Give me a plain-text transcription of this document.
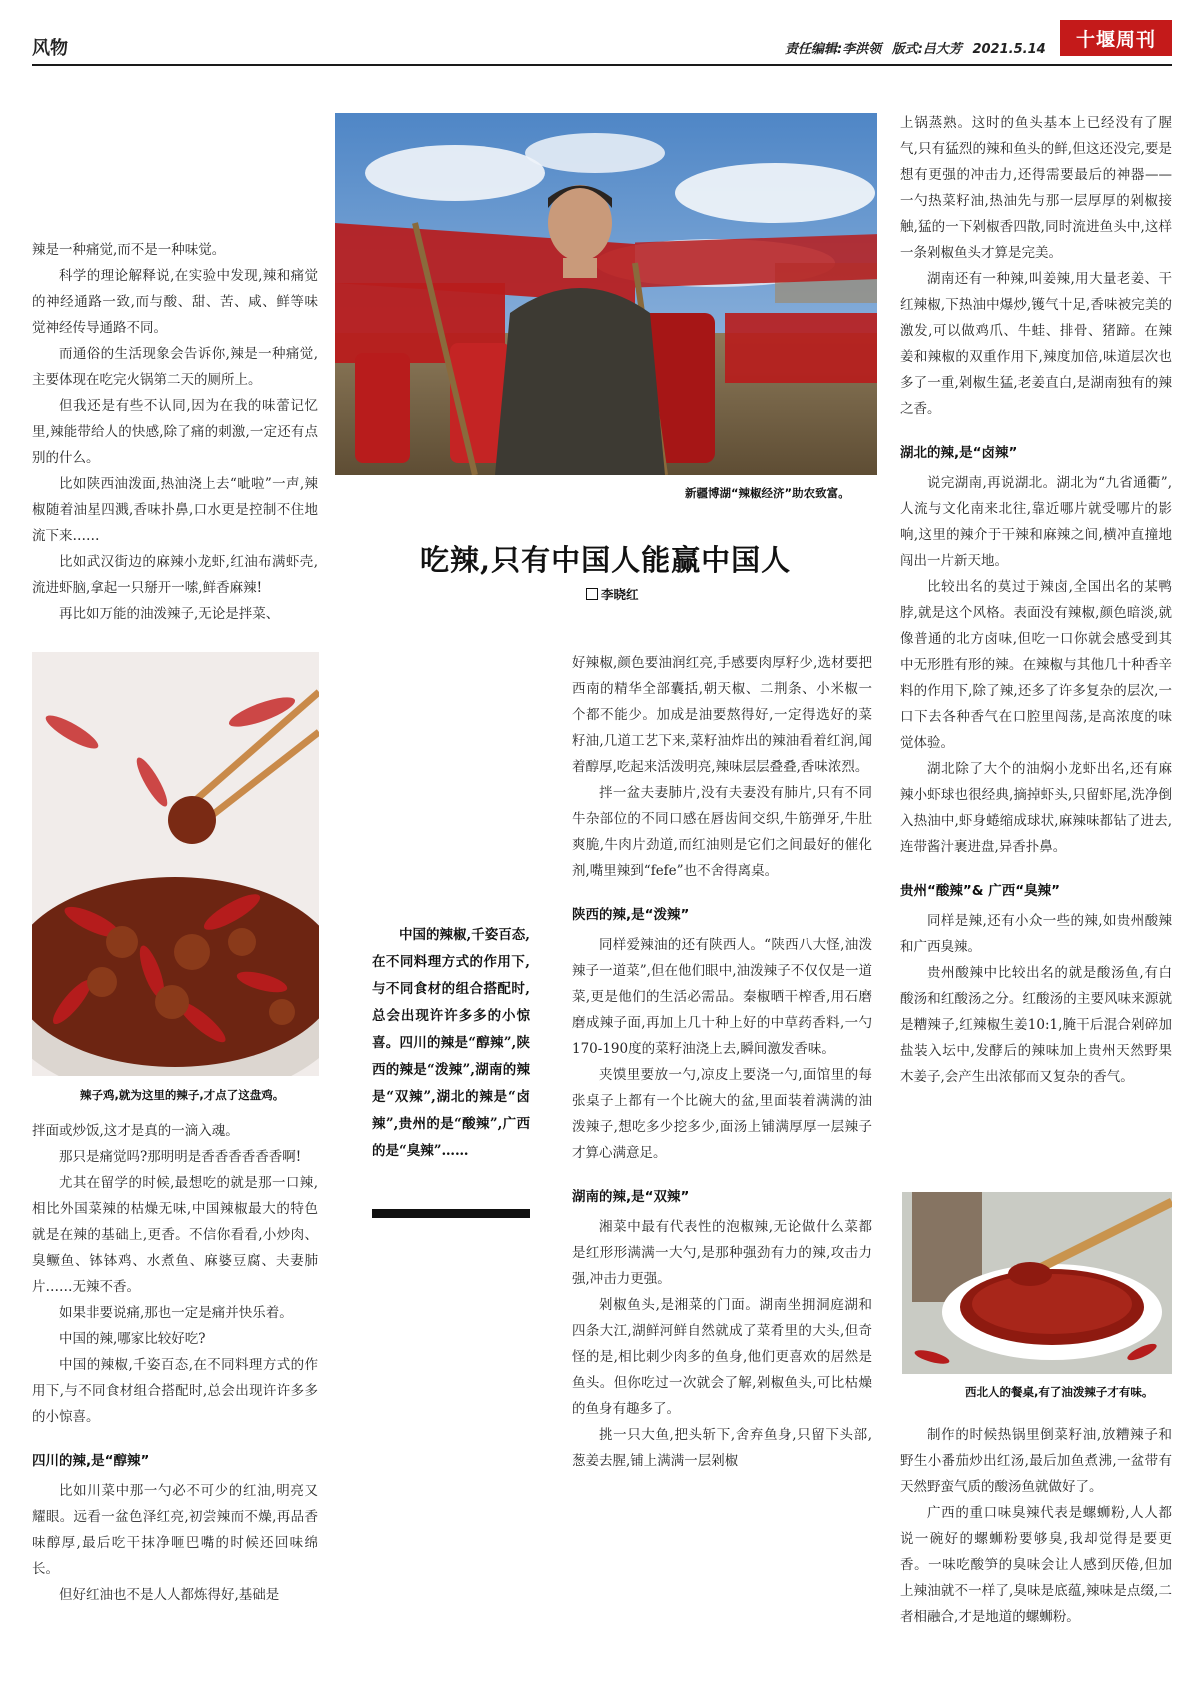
风物	责任编辑:李洪领 版式:吕大芳 2021.5.14	十堰周刊
新疆博湖“辣椒经济”助农致富。
吃辣,只有中国人能赢中国人
李晓红

辣是一种痛觉,而不是一种味觉。

科学的理论解释说,在实验中发现,辣和痛觉的神经通路一致,而与酸、甜、苦、咸、鲜等味觉神经传导通路不同。

而通俗的生活现象会告诉你,辣是一种痛觉,主要体现在吃完火锅第二天的厕所上。

但我还是有些不认同,因为在我的味蕾记忆里,辣能带给人的快感,除了痛的刺激,一定还有点别的什么。

比如陕西油泼面,热油浇上去“呲啦”一声,辣椒随着油星四溅,香味扑鼻,口水更是控制不住地流下来……

比如武汉街边的麻辣小龙虾,红油布满虾壳,流进虾脑,拿起一只掰开一嗦,鲜香麻辣!

再比如万能的油泼辣子,无论是拌菜、

辣子鸡,就为这里的辣子,才点了这盘鸡。

拌面或炒饭,这才是真的一滴入魂。

那只是痛觉吗?那明明是香香香香香香啊!

尤其在留学的时候,最想吃的就是那一口辣,相比外国菜辣的枯燥无味,中国辣椒最大的特色就是在辣的基础上,更香。不信你看看,小炒肉、臭鳜鱼、钵钵鸡、水煮鱼、麻婆豆腐、夫妻肺片……无辣不香。

如果非要说痛,那也一定是痛并快乐着。

中国的辣,哪家比较好吃?

中国的辣椒,千姿百态,在不同料理方式的作用下,与不同食材组合搭配时,总会出现许许多多的小惊喜。

四川的辣,是“醇辣”

比如川菜中那一勺必不可少的红油,明亮又耀眼。远看一盆色泽红亮,初尝辣而不燥,再品香味醇厚,最后吃干抹净咂巴嘴的时候还回味绵长。

但好红油也不是人人都炼得好,基础是

中国的辣椒,千姿百态,在不同料理方式的作用下,与不同食材的组合搭配时,总会出现许许多多的小惊喜。四川的辣是“醇辣”,陕西的辣是“泼辣”,湖南的辣是“双辣”,湖北的辣是“卤辣”,贵州的是“酸辣”,广西的是“臭辣”……

好辣椒,颜色要油润红亮,手感要肉厚籽少,选材要把西南的精华全部囊括,朝天椒、二荆条、小米椒一个都不能少。加成是油要熬得好,一定得选好的菜籽油,几道工艺下来,菜籽油炸出的辣油看着红润,闻着醇厚,吃起来活泼明亮,辣味层层叠叠,香味浓烈。

拌一盆夫妻肺片,没有夫妻没有肺片,只有不同牛杂部位的不同口感在唇齿间交织,牛筋弹牙,牛肚爽脆,牛肉片劲道,而红油则是它们之间最好的催化剂,嘴里辣到“fefe”也不舍得离桌。

陕西的辣,是“泼辣”

同样爱辣油的还有陕西人。“陕西八大怪,油泼辣子一道菜”,但在他们眼中,油泼辣子不仅仅是一道菜,更是他们的生活必需品。秦椒晒干榨香,用石磨磨成辣子面,再加上几十种上好的中草药香料,一勺170-190度的菜籽油浇上去,瞬间激发香味。

夹馍里要放一勺,凉皮上要浇一勺,面馆里的每张桌子上都有一个比碗大的盆,里面装着满满的油泼辣子,想吃多少挖多少,面汤上铺满厚厚一层辣子才算心满意足。

湖南的辣,是“双辣”

湘菜中最有代表性的泡椒辣,无论做什么菜都是红形形满满一大勺,是那种强劲有力的辣,攻击力强,冲击力更强。

剁椒鱼头,是湘菜的门面。湖南坐拥洞庭湖和四条大江,湖鲜河鲜自然就成了菜肴里的大头,但奇怪的是,相比刺少肉多的鱼身,他们更喜欢的居然是鱼头。但你吃过一次就会了解,剁椒鱼头,可比枯燥的鱼身有趣多了。

挑一只大鱼,把头斩下,舍弃鱼身,只留下头部,葱姜去腥,铺上满满一层剁椒

上锅蒸熟。这时的鱼头基本上已经没有了腥气,只有猛烈的辣和鱼头的鲜,但这还没完,要是想有更强的冲击力,还得需要最后的神器——一勺热菜籽油,热油先与那一层厚厚的剁椒接触,猛的一下剁椒香四散,同时流进鱼头中,这样一条剁椒鱼头才算是完美。

湖南还有一种辣,叫姜辣,用大量老姜、干红辣椒,下热油中爆炒,镬气十足,香味被完美的激发,可以做鸡爪、牛蛙、排骨、猪蹄。在辣姜和辣椒的双重作用下,辣度加倍,味道层次也多了一重,剁椒生猛,老姜直白,是湖南独有的辣之香。

湖北的辣,是“卤辣”

说完湖南,再说湖北。湖北为“九省通衢”,人流与文化南来北往,靠近哪片就受哪片的影响,这里的辣介于干辣和麻辣之间,横冲直撞地闯出一片新天地。

比较出名的莫过于辣卤,全国出名的某鸭脖,就是这个风格。表面没有辣椒,颜色暗淡,就像普通的北方卤味,但吃一口你就会感受到其中无形胜有形的辣。在辣椒与其他几十种香辛料的作用下,除了辣,还多了许多复杂的层次,一口下去各种香气在口腔里闯荡,是高浓度的味觉体验。

湖北除了大个的油焖小龙虾出名,还有麻辣小虾球也很经典,摘掉虾头,只留虾尾,洗净倒入热油中,虾身蜷缩成球状,麻辣味都钻了进去,连带酱汁裹进盘,异香扑鼻。

贵州“酸辣”& 广西“臭辣”

同样是辣,还有小众一些的辣,如贵州酸辣和广西臭辣。

贵州酸辣中比较出名的就是酸汤鱼,有白酸汤和红酸汤之分。红酸汤的主要风味来源就是糟辣子,红辣椒生姜10:1,腌干后混合剁碎加盐装入坛中,发酵后的辣味加上贵州天然野果木姜子,会产生出浓郁而又复杂的香气。

西北人的餐桌,有了油泼辣子才有味。

制作的时候热锅里倒菜籽油,放糟辣子和野生小番茄炒出红汤,最后加鱼煮沸,一盆带有天然野蛮气质的酸汤鱼就做好了。

广西的重口味臭辣代表是螺蛳粉,人人都说一碗好的螺蛳粉要够臭,我却觉得是要更香。一味吃酸笋的臭味会让人感到厌倦,但加上辣油就不一样了,臭味是底蕴,辣味是点缀,二者相融合,才是地道的螺蛳粉。
